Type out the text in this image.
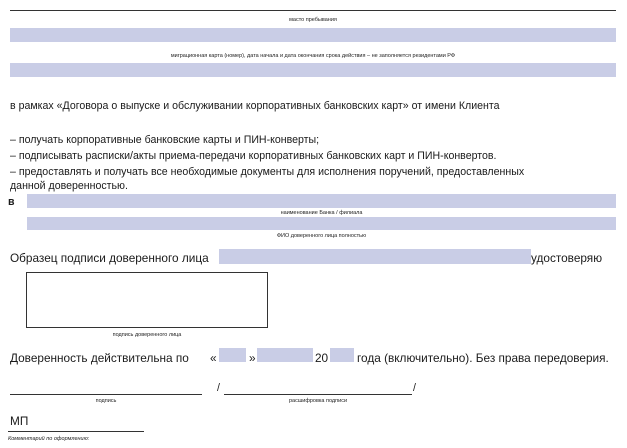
масто пребывания
миграционная карта (номер), дата начала и дата окончания срока действия – не заполняется резидентами РФ
в рамках «Договора о выпуске и обслуживании корпоративных банковских карт» от имени Клиента
– получать корпоративные банковские карты и ПИН-конверты;
– подписывать расписки/акты приема-передачи корпоративных банковских карт и ПИН-конвертов.
– предоставлять и получать все необходимые документы для исполнения поручений, предоставленных
данной доверенностью.
в
наименование Банка / филиала
ФИО доверенного лица полностью
Образец подписи доверенного лица	удостоверяю
подпись доверенного лица
Доверенность действительна по «	»	20 года (включительно). Без права передоверия.
подпись
/	/
расшифровка подписи
МП
Комментарий по оформлению:
